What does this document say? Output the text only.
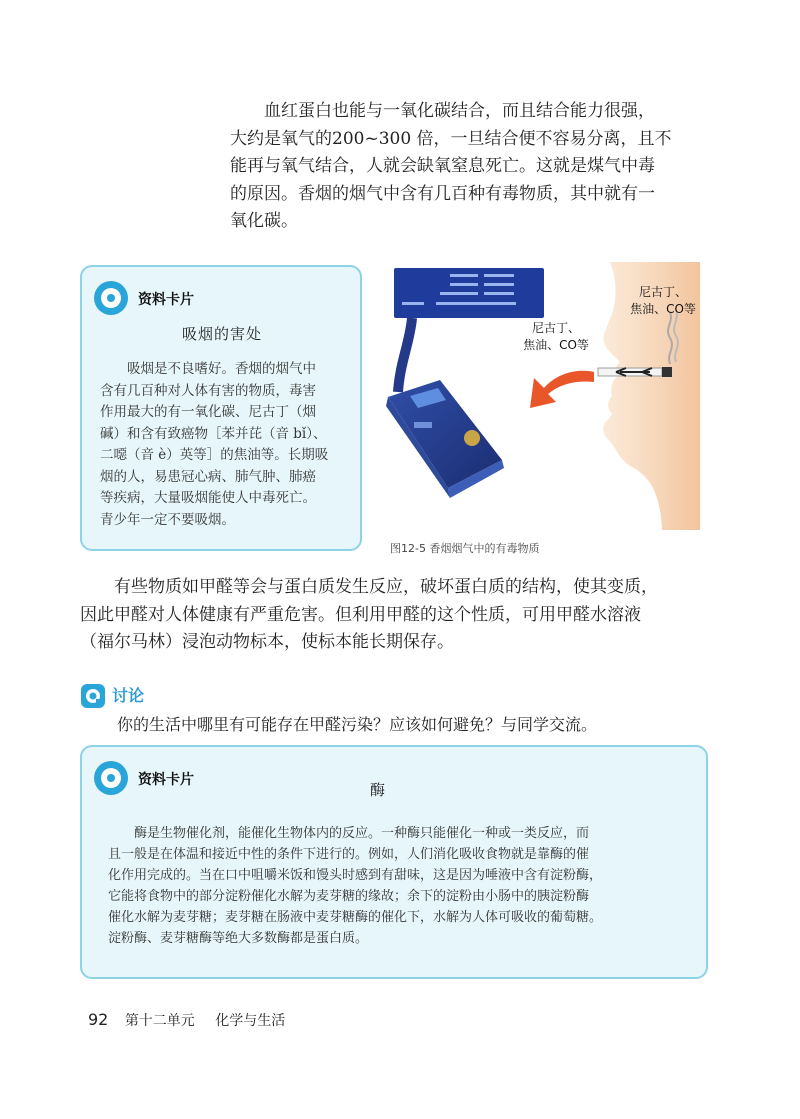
血红蛋白也能与一氧化碳结合，而且结合能力很强，

大约是氧气的200~300 倍，一旦结合便不容易分离，且不

能再与氧气结合，人就会缺氧窒息死亡。这就是煤气中毒

的原因。香烟的烟气中含有几百种有毒物质，其中就有一

氧化碳。

资料卡片
吸烟的害处
吸烟是不良嗜好。香烟的烟气中
含有几百种对人体有害的物质，毒害
作用最大的有一氧化碳、尼古丁（烟
碱）和含有致癌物［苯并芘（音 bǐ）、
二噁（音 è）英等］的焦油等。长期吸
烟的人，易患冠心病、肺气肿、肺癌
等疾病，大量吸烟能使人中毒死亡。
青少年一定不要吸烟。
尼古丁、
焦油、CO等
尼古丁、
焦油、CO等
图12-5 香烟烟气中的有毒物质

有些物质如甲醛等会与蛋白质发生反应，破坏蛋白质的结构，使其变质，

因此甲醛对人体健康有严重危害。但利用甲醛的这个性质，可用甲醛水溶液

（福尔马林）浸泡动物标本，使标本能长期保存。

讨论
你的生活中哪里有可能存在甲醛污染？应该如何避免？与同学交流。
资料卡片
酶
酶是生物催化剂，能催化生物体内的反应。一种酶只能催化一种或一类反应，而
且一般是在体温和接近中性的条件下进行的。例如，人们消化吸收食物就是靠酶的催
化作用完成的。当在口中咀嚼米饭和馒头时感到有甜味，这是因为唾液中含有淀粉酶，
它能将食物中的部分淀粉催化水解为麦芽糖的缘故；余下的淀粉由小肠中的胰淀粉酶
催化水解为麦芽糖；麦芽糖在肠液中麦芽糖酶的催化下，水解为人体可吸收的葡萄糖。
淀粉酶、麦芽糖酶等绝大多数酶都是蛋白质。
92 第十二单元 化学与生活
